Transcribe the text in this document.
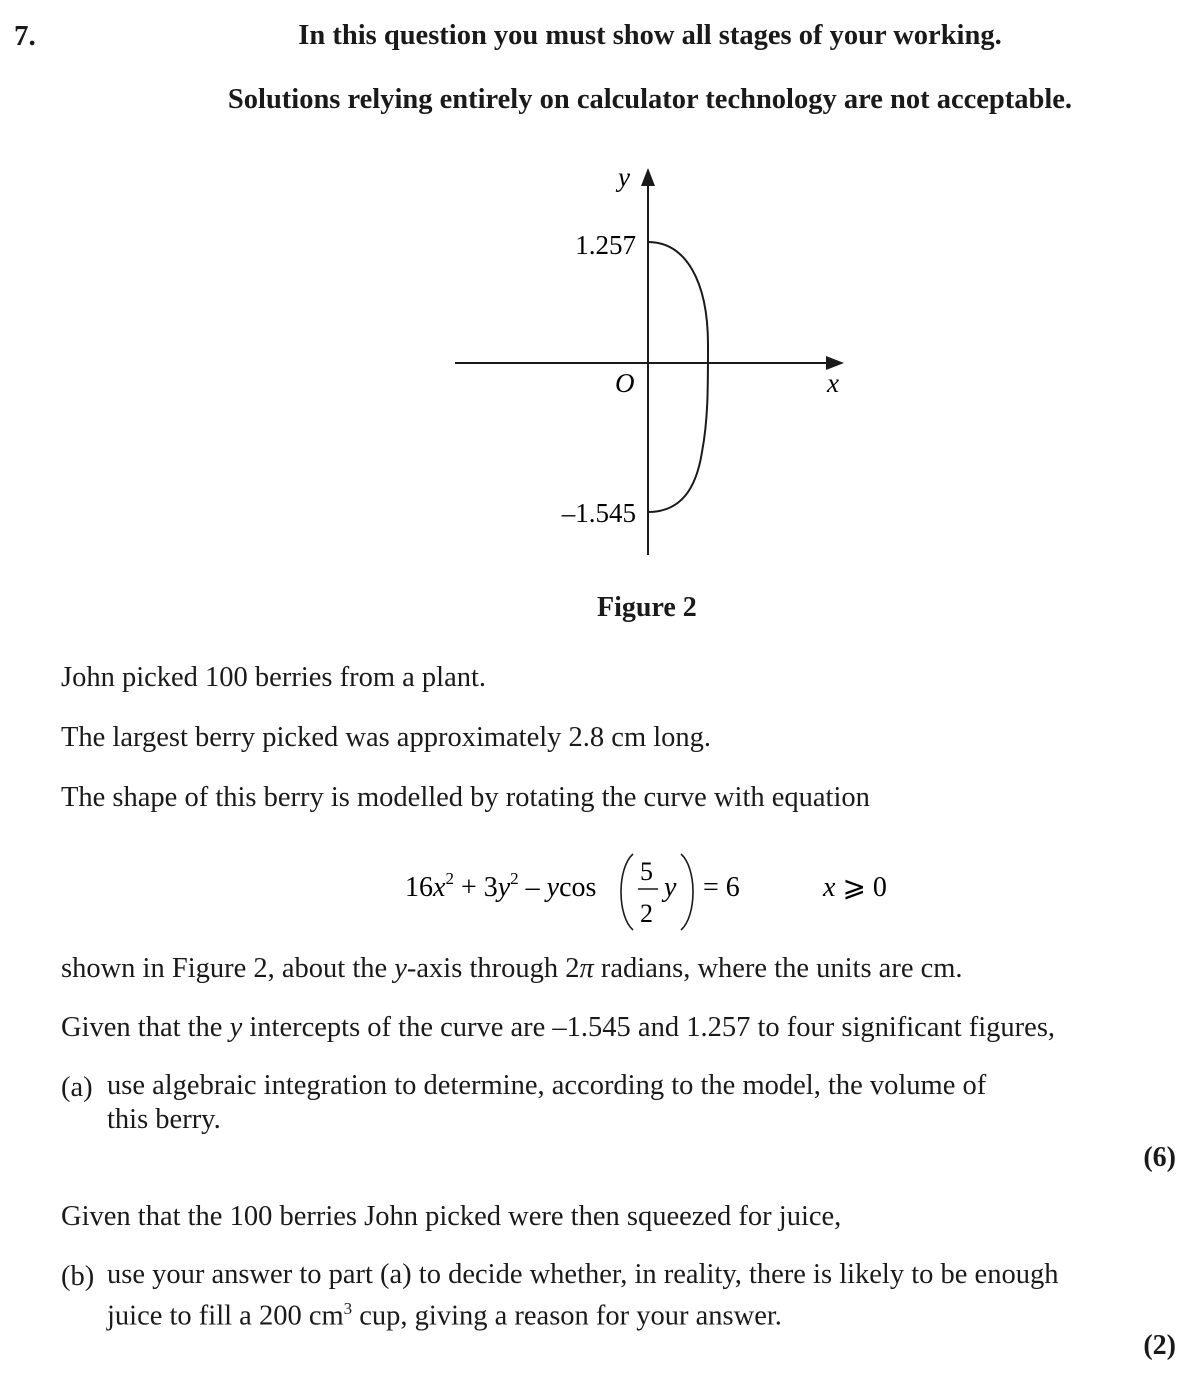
7.	In this question you must show all stages of your working.
Solutions relying entirely on calculator technology are not acceptable.
y
x
O
1.257
–1.545
Figure 2
John picked 100 berries from a plant.
The largest berry picked was approximately 2.8 cm long.
The shape of this berry is modelled by rotating the curve with equation
$16x^2 + 3y^2 - ycos$
5
2
y = 6	x ⩾ 0
shown in Figure 2, about the y-axis through 2π radians, where the units are cm.
Given that the y intercepts of the curve are –1.545 and 1.257 to four significant figures,
(a) use algebraic integration to determine, according to the model, the volume of
this berry.
(6)
Given that the 100 berries John picked were then squeezed for juice,
(b) use your answer to part (a) to decide whether, in reality, there is likely to be enough
juice to fill a 200 $cm^3$ cup, giving a reason for your answer.
(2)
